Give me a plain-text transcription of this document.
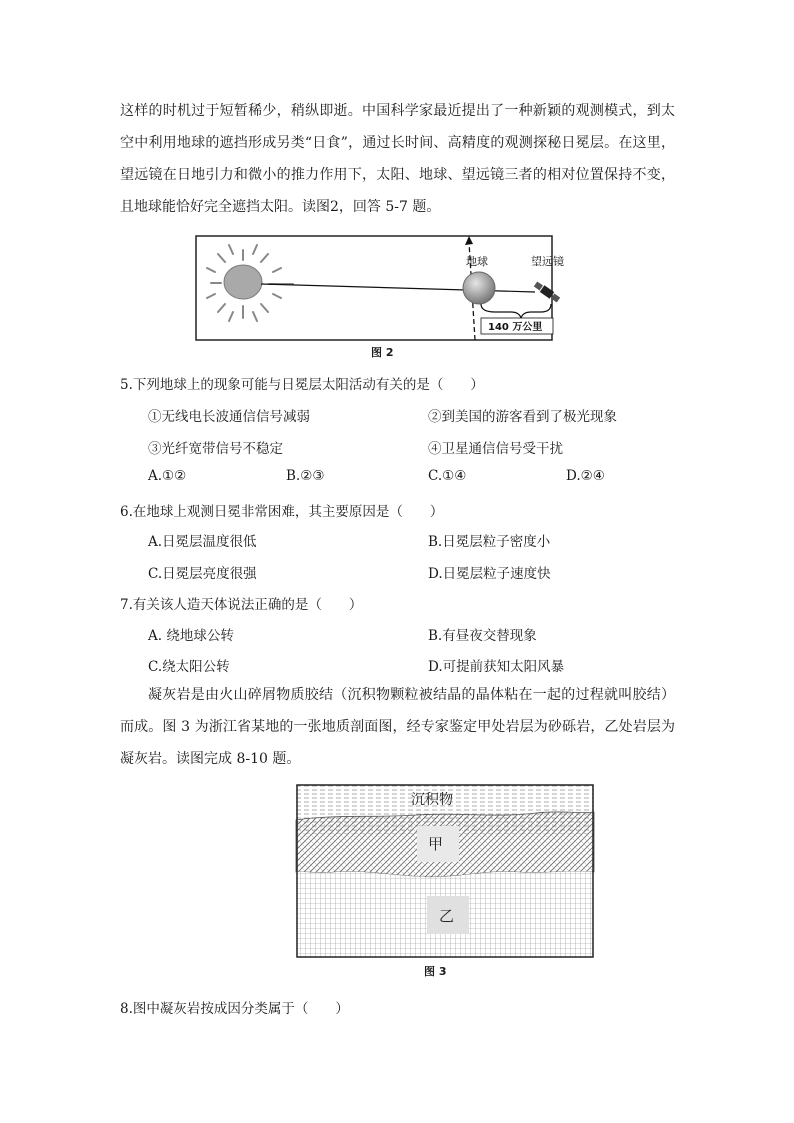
这样的时机过于短暂稀少，稍纵即逝。中国科学家最近提出了一种新颖的观测模式，到太空中利用地球的遮挡形成另类“日食”，通过长时间、高精度的观测探秘日冕层。在这里，望远镜在日地引力和微小的推力作用下，太阳、地球、望远镜三者的相对位置保持不变，且地球能恰好完全遮挡太阳。读图2，回答 5-7 题。

地球	望远镜
140 万公里
图 2
5.下列地球上的现象可能与日冕层太阳活动有关的是（　　）
①无线电长波通信信号减弱	②到美国的游客看到了极光现象
③光纤宽带信号不稳定	④卫星通信信号受干扰
A.①②	B.②③	C.①④	D.②④
6.在地球上观测日冕非常困难，其主要原因是（　　）
A.日冕层温度很低	B.日冕层粒子密度小
C.日冕层亮度很强	D.日冕层粒子速度快
7.有关该人造天体说法正确的是（　　）
A. 绕地球公转	B.有昼夜交替现象
C.绕太阳公转	D.可提前获知太阳风暴

凝灰岩是由火山碎屑物质胶结（沉积物颗粒被结晶的晶体粘在一起的过程就叫胶结）而成。图 3 为浙江省某地的一张地质剖面图，经专家鉴定甲处岩层为砂砾岩，乙处岩层为凝灰岩。读图完成 8-10 题。

沉积物
甲
乙
图 3
8.图中凝灰岩按成因分类属于（　　）
